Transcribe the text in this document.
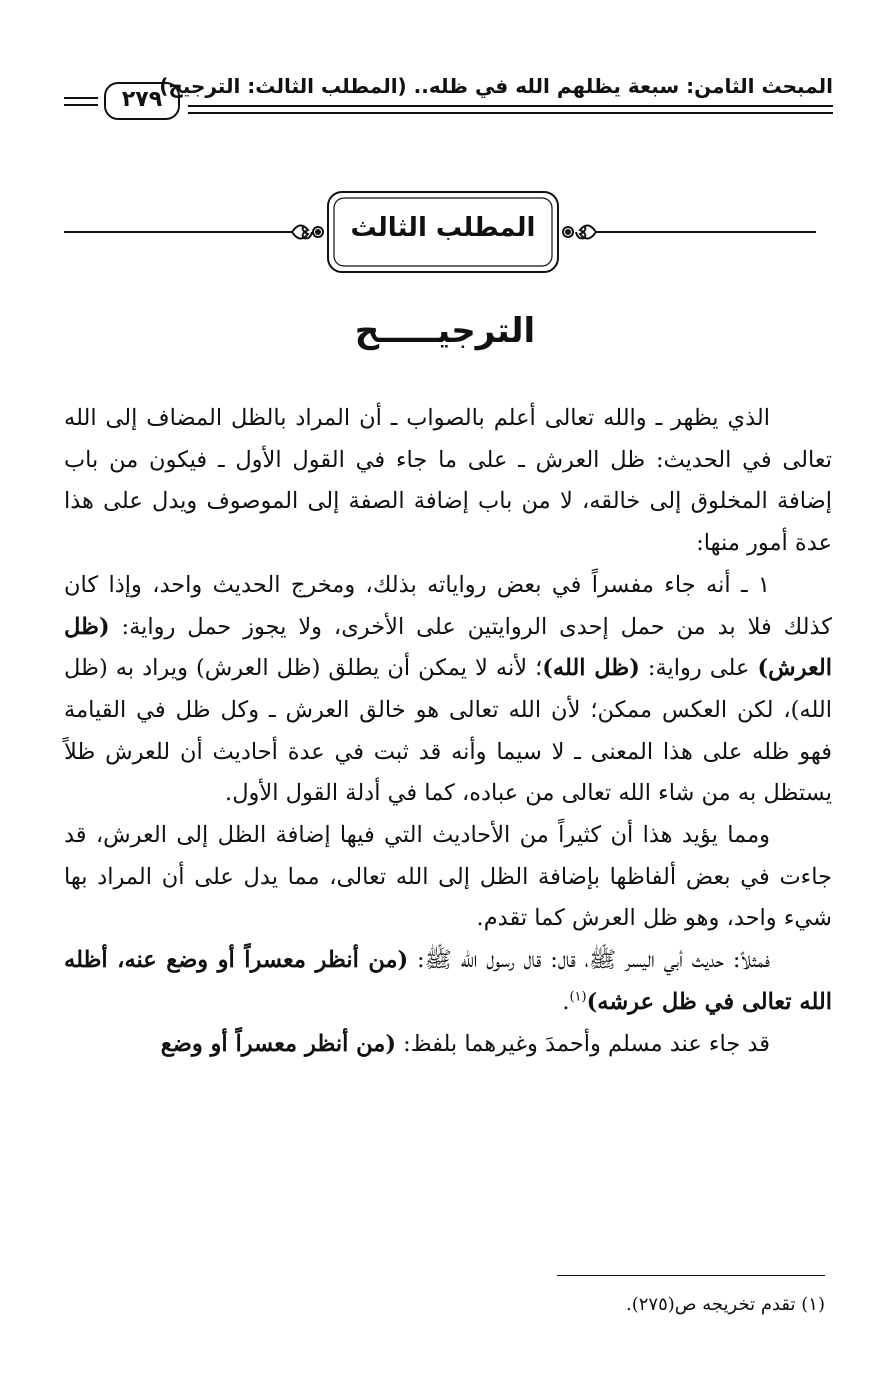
المبحث الثامن: سبعة يظلهم الله في ظله.. (المطلب الثالث: الترجيح)
٢٧٩
المطلب الثالث
الترجيـــــح

الذي يظهر ـ والله تعالى أعلم بالصواب ـ أن المراد بالظل المضاف إلى الله تعالى في الحديث: ظل العرش ـ على ما جاء في القول الأول ـ فيكون من باب إضافة المخلوق إلى خالقه، لا من باب إضافة الصفة إلى الموصوف ويدل على هذا عدة أمور منها:

١ ـ أنه جاء مفسراً في بعض رواياته بذلك، ومخرج الحديث واحد، وإذا كان كذلك فلا بد من حمل إحدى الروايتين على الأخرى، ولا يجوز حمل رواية: (ظل العرش) على رواية: (ظل الله)؛ لأنه لا يمكن أن يطلق (ظل العرش) ويراد به (ظل الله)، لكن العكس ممكن؛ لأن الله تعالى هو خالق العرش ـ وكل ظل في القيامة فهو ظله على هذا المعنى ـ لا سيما وأنه قد ثبت في عدة أحاديث أن للعرش ظلاً يستظل به من شاء الله تعالى من عباده، كما في أدلة القول الأول.

ومما يؤيد هذا أن كثيراً من الأحاديث التي فيها إضافة الظل إلى العرش، قد جاءت في بعض ألفاظها بإضافة الظل إلى الله تعالى، مما يدل على أن المراد بها شيء واحد، وهو ظل العرش كما تقدم.

فمثلاً: حديث أبي اليسر ﷺ، قال: قال رسول الله ﷺ: (من أنظر معسراً أو وضع عنه، أظله الله تعالى في ظل عرشه)$^{(١)}$.

قد جاء عند مسلم وأحمدَ وغيرهما بلفظ: (من أنظر معسراً أو وضع

(١) تقدم تخريجه ص(٢٧٥).
